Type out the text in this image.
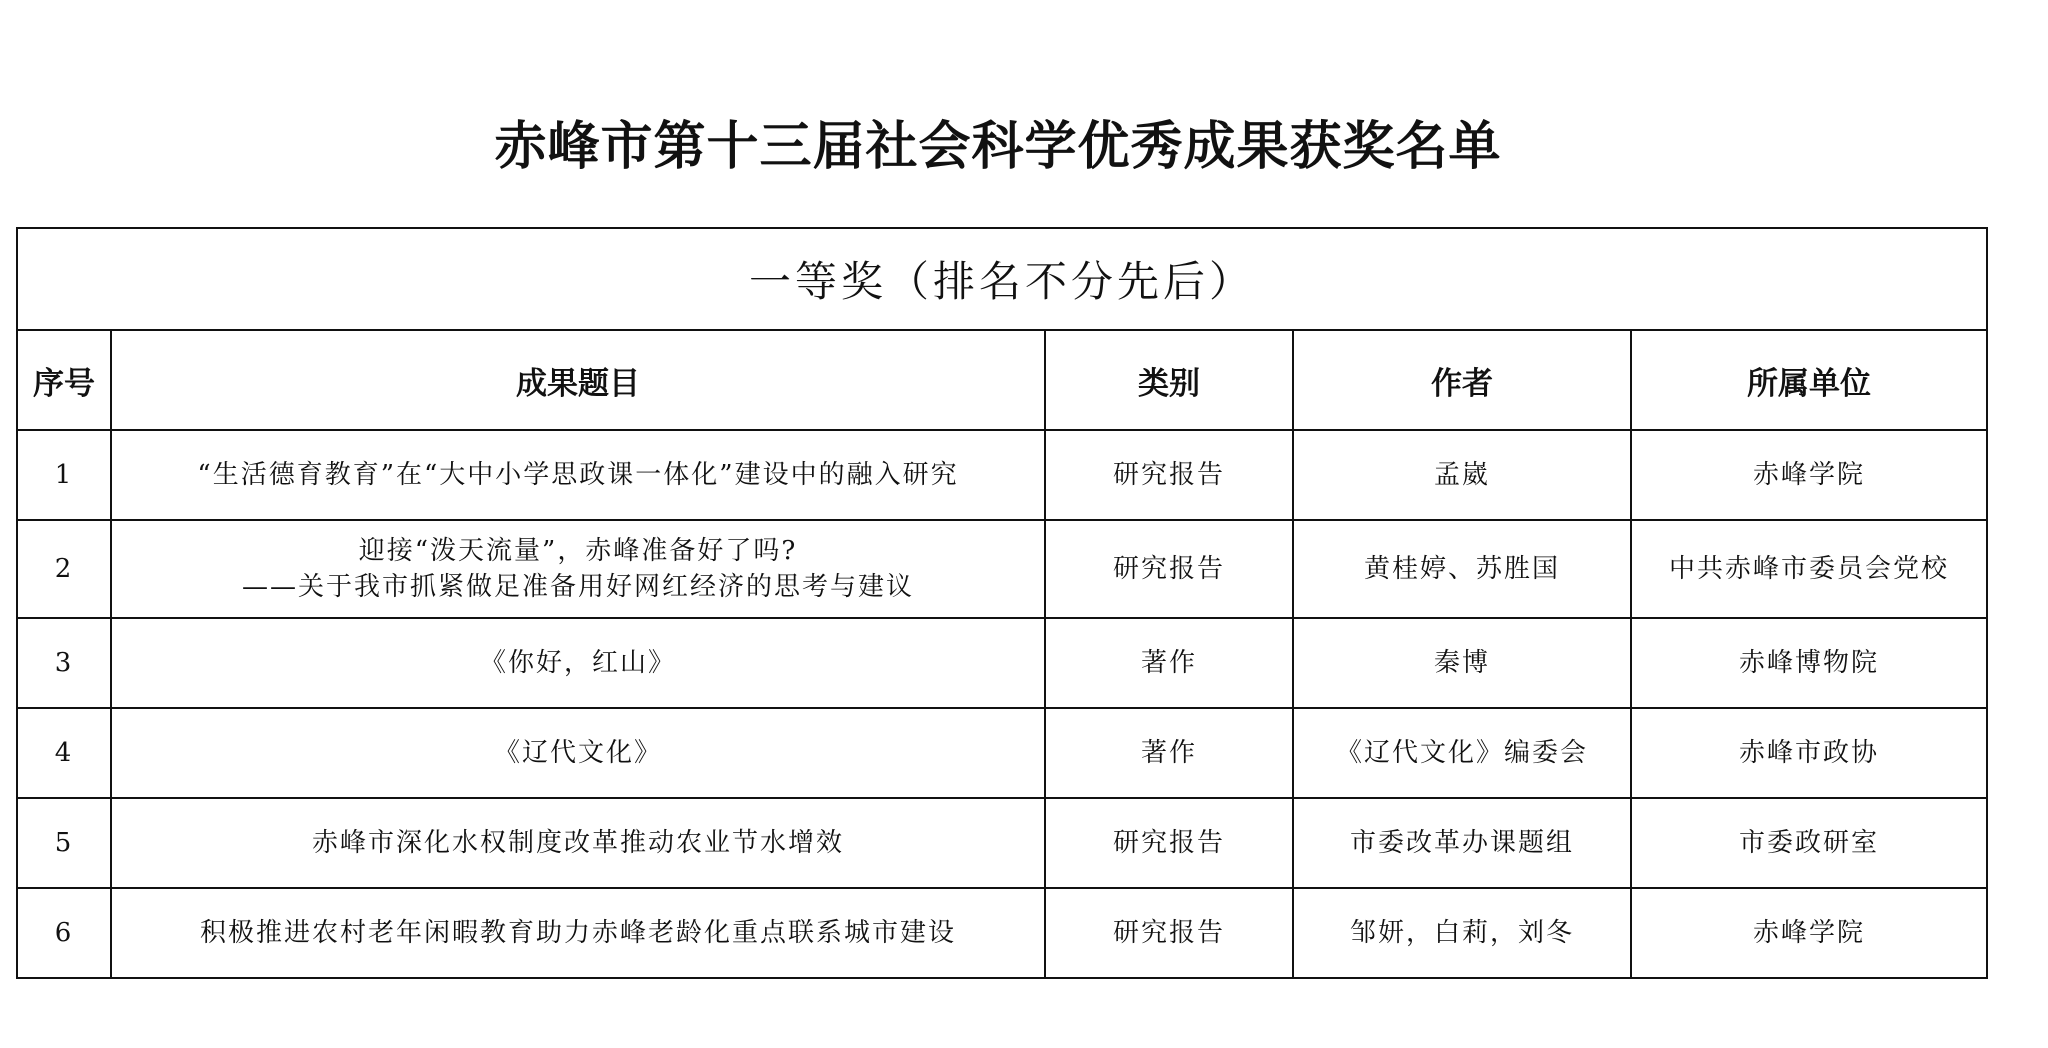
赤峰市第十三届社会科学优秀成果获奖名单
一等奖（排名不分先后）				
序号	成果题目	类别	作者	所属单位
1	“生活德育教育”在“大中小学思政课一体化”建设中的融入研究	研究报告	孟崴	赤峰学院
2	迎接“泼天流量”，赤峰准备好了吗?
——关于我市抓紧做足准备用好网红经济的思考与建议	研究报告	黄桂婷、苏胜国	中共赤峰市委员会党校
3	《你好，红山》	著作	秦博	赤峰博物院
4	《辽代文化》	著作	《辽代文化》编委会	赤峰市政协
5	赤峰市深化水权制度改革推动农业节水增效	研究报告	市委改革办课题组	市委政研室
6	积极推进农村老年闲暇教育助力赤峰老龄化重点联系城市建设	研究报告	邹妍，白莉，刘冬	赤峰学院
